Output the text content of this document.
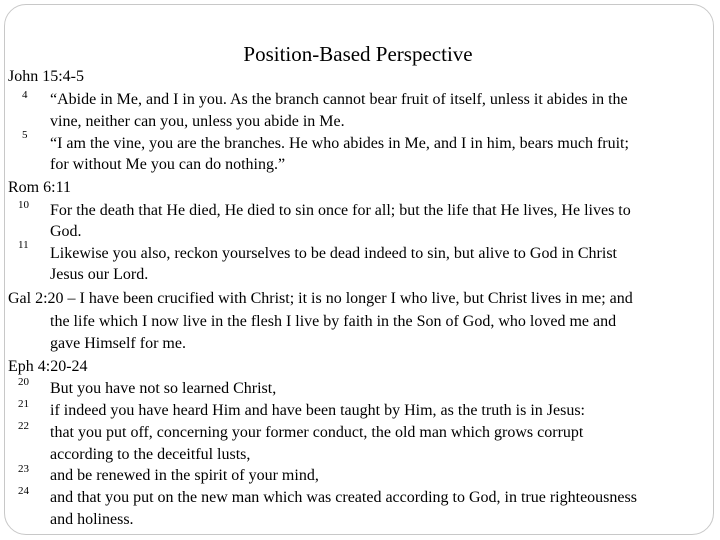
Position-Based Perspective
John 15:4-5
4 “Abide in Me, and I in you. As the branch cannot bear fruit of itself, unless it abides in the
vine, neither can you, unless you abide in Me.
5 “I am the vine, you are the branches. He who abides in Me, and I in him, bears much fruit;
for without Me you can do nothing.”
Rom 6:11
10 For the death that He died, He died to sin once for all; but the life that He lives, He lives to
God.
11 Likewise you also, reckon yourselves to be dead indeed to sin, but alive to God in Christ
Jesus our Lord.
Gal 2:20 – I have been crucified with Christ; it is no longer I who live, but Christ lives in me; and
the life which I now live in the flesh I live by faith in the Son of God, who loved me and
gave Himself for me.
Eph 4:20-24
20 But you have not so learned Christ,
21 if indeed you have heard Him and have been taught by Him, as the truth is in Jesus:
22 that you put off, concerning your former conduct, the old man which grows corrupt
according to the deceitful lusts,
23 and be renewed in the spirit of your mind,
24 and that you put on the new man which was created according to God, in true righteousness
and holiness.
